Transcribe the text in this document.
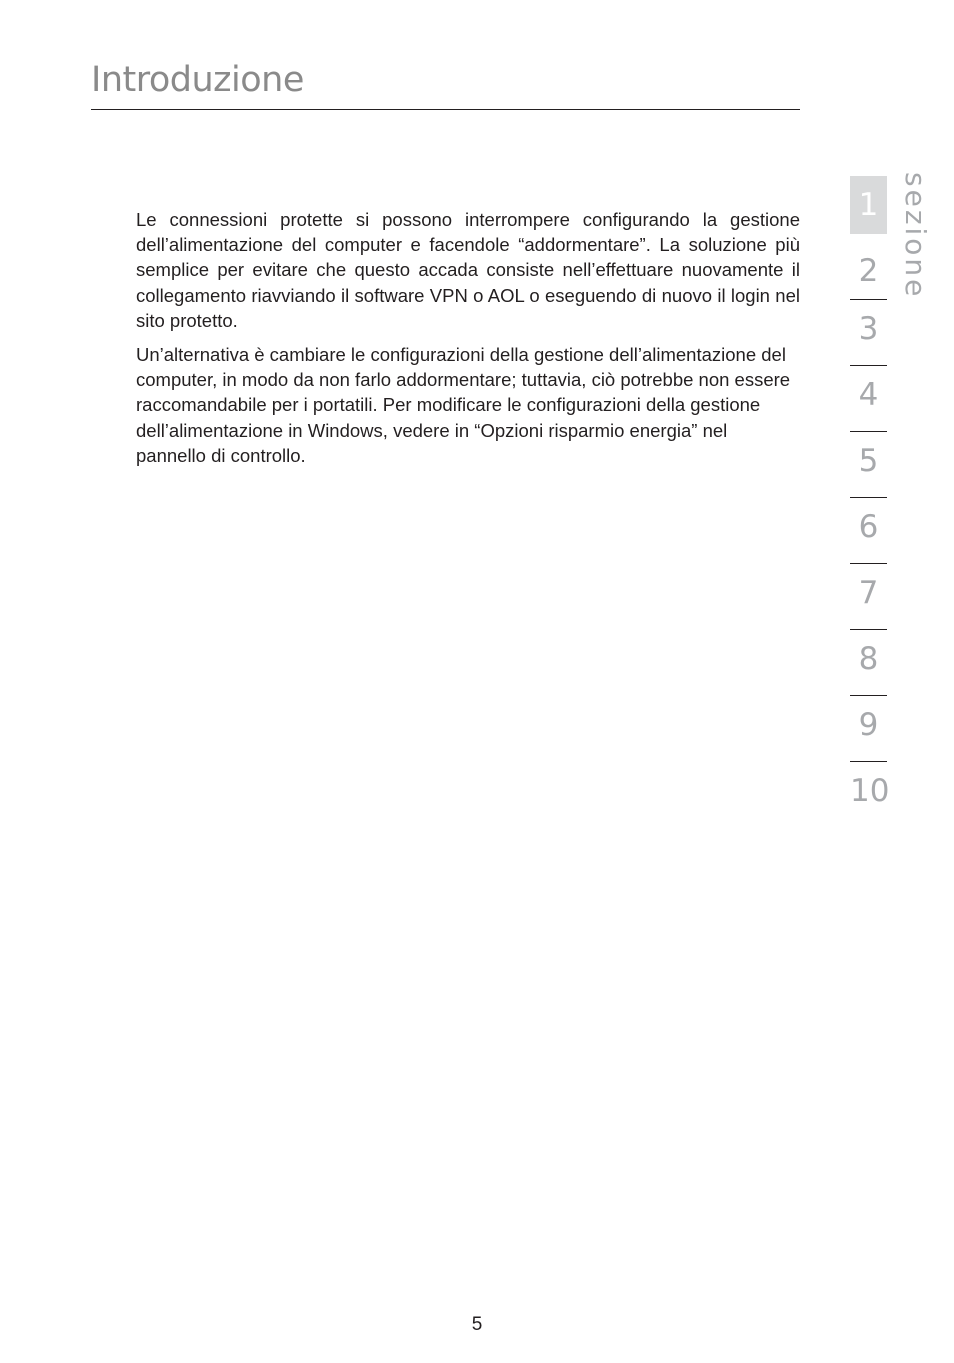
Introduzione

Le connessioni protette si possono interrompere configurando la gestione dell’alimentazione del computer e facendole “addormentare”. La soluzione più semplice per evitare che questo accada consiste nell’effettuare nuovamente il collegamento riavviando il software VPN o AOL o eseguendo di nuovo il login nel sito protetto.

Un’alternativa è cambiare le configurazioni della gestione dell’alimentazione del computer, in modo da non farlo addormentare; tuttavia, ciò potrebbe non essere raccomandabile per i portatili. Per modificare le configurazioni della gestione dell’alimentazione in Windows, vedere in “Opzioni risparmio energia” nel pannello di controllo.

1
2
3
4
5
6
7
8
9
10
sezione
5
